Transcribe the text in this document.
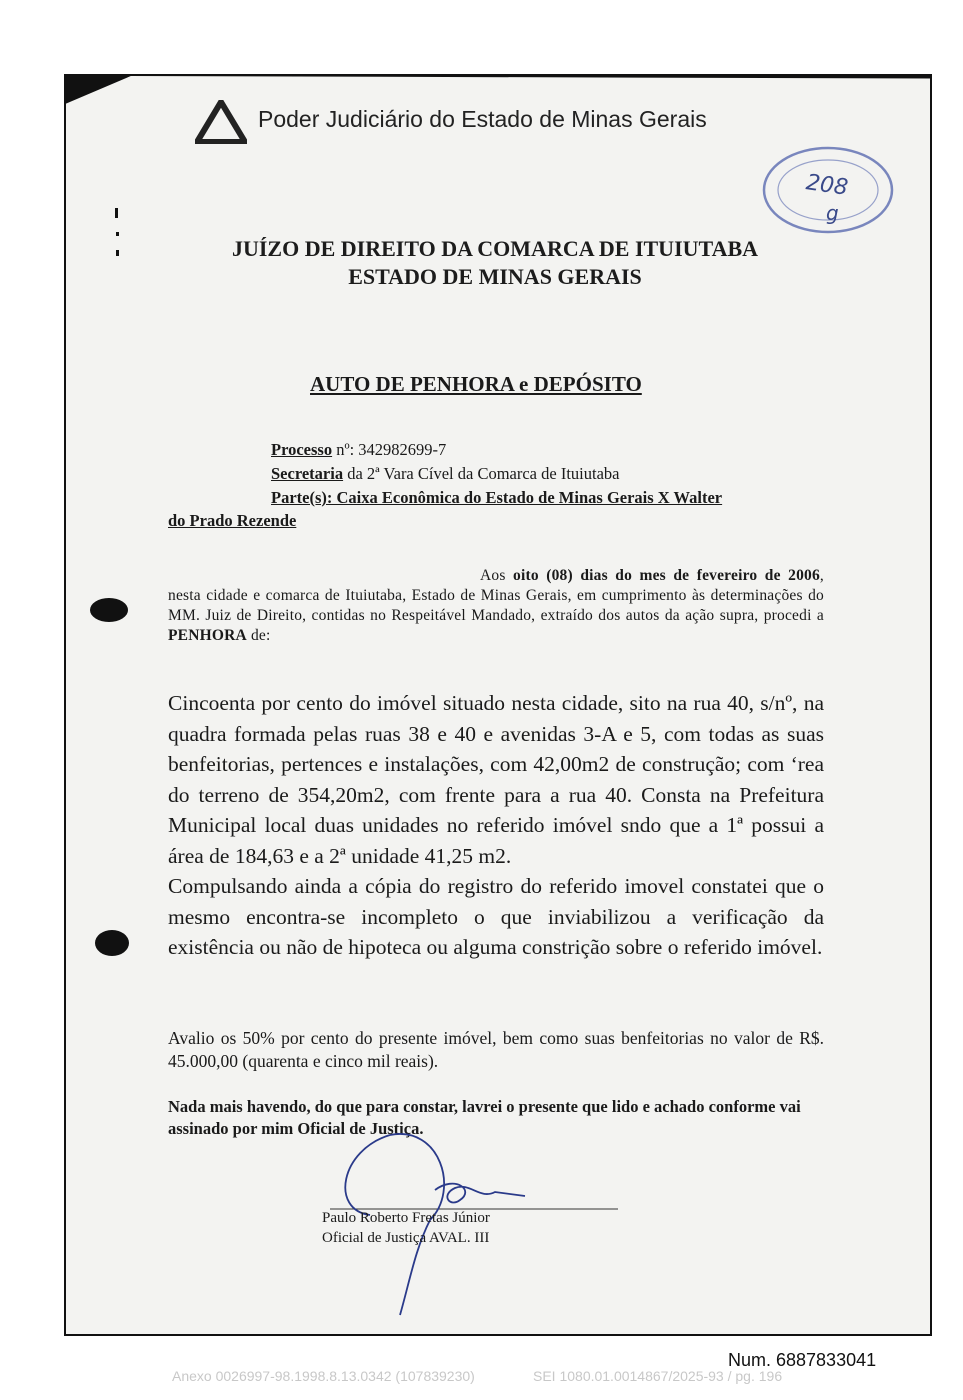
Poder Judiciário do Estado de Minas Gerais
208
g
JUÍZO DE DIREITO DA COMARCA DE ITUIUTABA
ESTADO DE MINAS GERAIS
AUTO DE PENHORA e DEPÓSITO
Processo nº: 342982699-7
Secretaria da 2ª Vara Cível da Comarca de Ituiutaba
Parte(s): Caixa Econômica do Estado de Minas Gerais X Walter
do Prado Rezende
Aos oito (08) dias do mes de fevereiro de 2006, nesta cidade e comarca de Ituiutaba, Estado de Minas Gerais, em cumprimento às determinações do MM. Juiz de Direito, contidas no Respeitável Mandado, extraído dos autos da ação supra, procedi a PENHORA de:
Cincoenta por cento do imóvel situado nesta cidade, sito na rua 40, s/nº, na quadra formada pelas ruas 38 e 40 e avenidas 3-A e 5, com todas as suas benfeitorias, pertences e instalações, com 42,00m2 de construção; com ‘rea do terreno de 354,20m2, com frente para a rua 40. Consta na Prefeitura Municipal local duas unidades no referido imóvel sndo que a 1ª possui a área de 184,63 e a 2ª unidade 41,25 m2.
Compulsando ainda a cópia do registro do referido imovel constatei que o mesmo encontra-se incompleto o que inviabilizou a verificação da existência ou não de hipoteca ou alguma constrição sobre o referido imóvel.
Avalio os 50% por cento do presente imóvel, bem como suas benfeitorias no valor de R$. 45.000,00 (quarenta e cinco mil reais).
Nada mais havendo, do que para constar, lavrei o presente que lido e achado conforme vai assinado por mim Oficial de Justiça.
Paulo Roberto Fretas Júnior
Oficial de Justiça AVAL. III
Num. 6887833041
Anexo 0026997-98.1998.8.13.0342 (107839230)	SEI 1080.01.0014867/2025-93 / pg. 196
